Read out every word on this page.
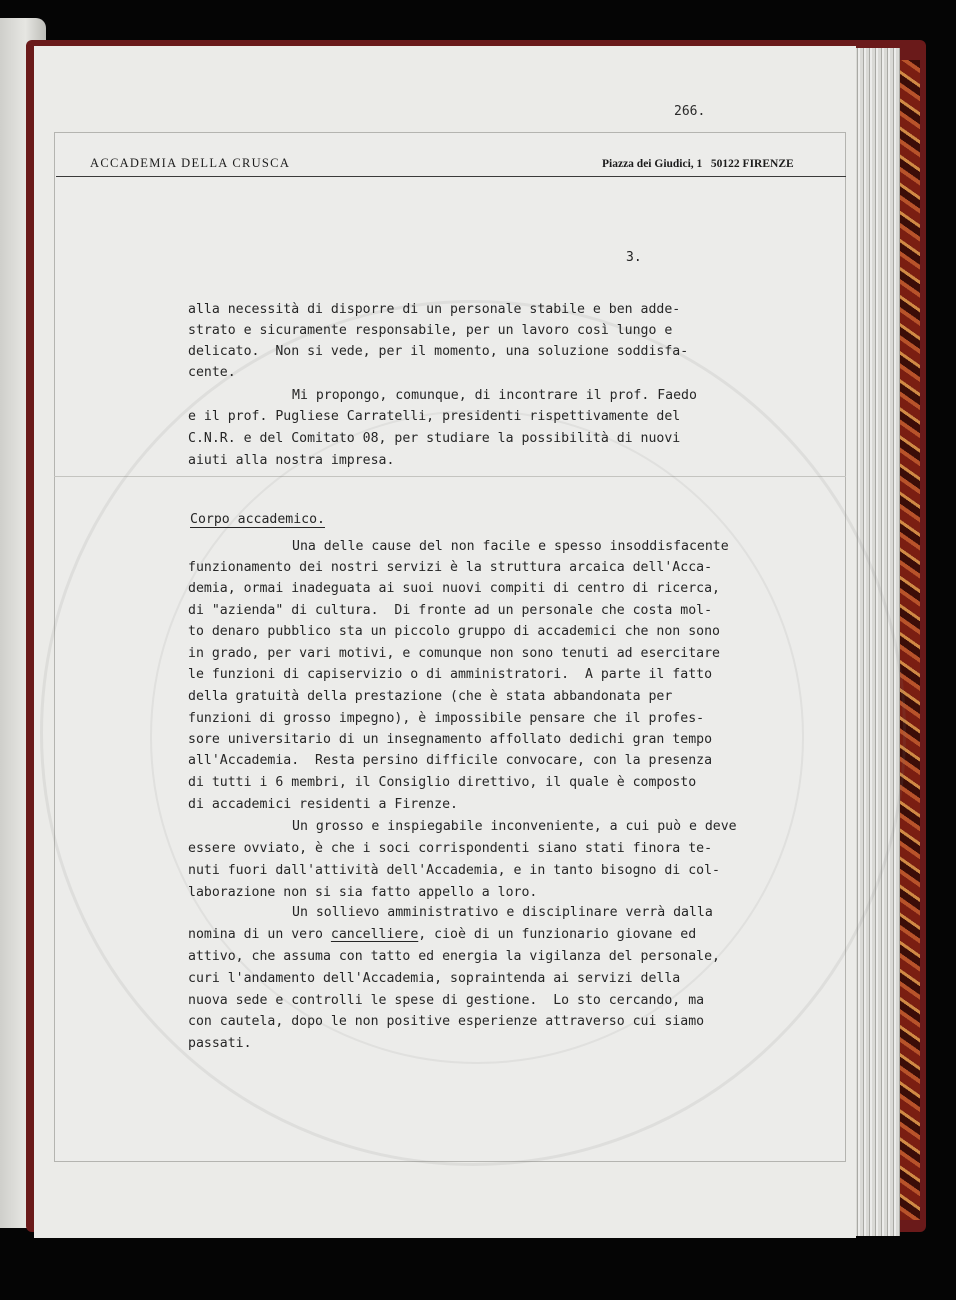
266.
ACCADEMIA DELLA CRUSCA	Piazza dei Giudici, 1   50122 FIRENZE
3.
alla necessità di disporre di un personale stabile e ben adde-
strato e sicuramente responsabile, per un lavoro così lungo e
delicato.  Non si vede, per il momento, una soluzione soddisfa-
cente.
Mi propongo, comunque, di incontrare il prof. Faedo
e il prof. Pugliese Carratelli, presidenti rispettivamente del
C.N.R. e del Comitato 08, per studiare la possibilità di nuovi
aiuti alla nostra impresa.
Corpo accademico.
Una delle cause del non facile e spesso insoddisfacente
funzionamento dei nostri servizi è la struttura arcaica dell'Acca-
demia, ormai inadeguata ai suoi nuovi compiti di centro di ricerca,
di "azienda" di cultura.  Di fronte ad un personale che costa mol-
to denaro pubblico sta un piccolo gruppo di accademici che non sono
in grado, per vari motivi, e comunque non sono tenuti ad esercitare
le funzioni di capiservizio o di amministratori.  A parte il fatto
della gratuità della prestazione (che è stata abbandonata per
funzioni di grosso impegno), è impossibile pensare che il profes-
sore universitario di un insegnamento affollato dedichi gran tempo
all'Accademia.  Resta persino difficile convocare, con la presenza
di tutti i 6 membri, il Consiglio direttivo, il quale è composto
di accademici residenti a Firenze.
Un grosso e inspiegabile inconveniente, a cui può e deve
essere ovviato, è che i soci corrispondenti siano stati finora te-
nuti fuori dall'attività dell'Accademia, e in tanto bisogno di col-
laborazione non si sia fatto appello a loro.
Un sollievo amministrativo e disciplinare verrà dalla
nomina di un vero cancelliere, cioè di un funzionario giovane ed
attivo, che assuma con tatto ed energia la vigilanza del personale,
curi l'andamento dell'Accademia, sopraintenda ai servizi della
nuova sede e controlli le spese di gestione.  Lo sto cercando, ma
con cautela, dopo le non positive esperienze attraverso cui siamo
passati.
